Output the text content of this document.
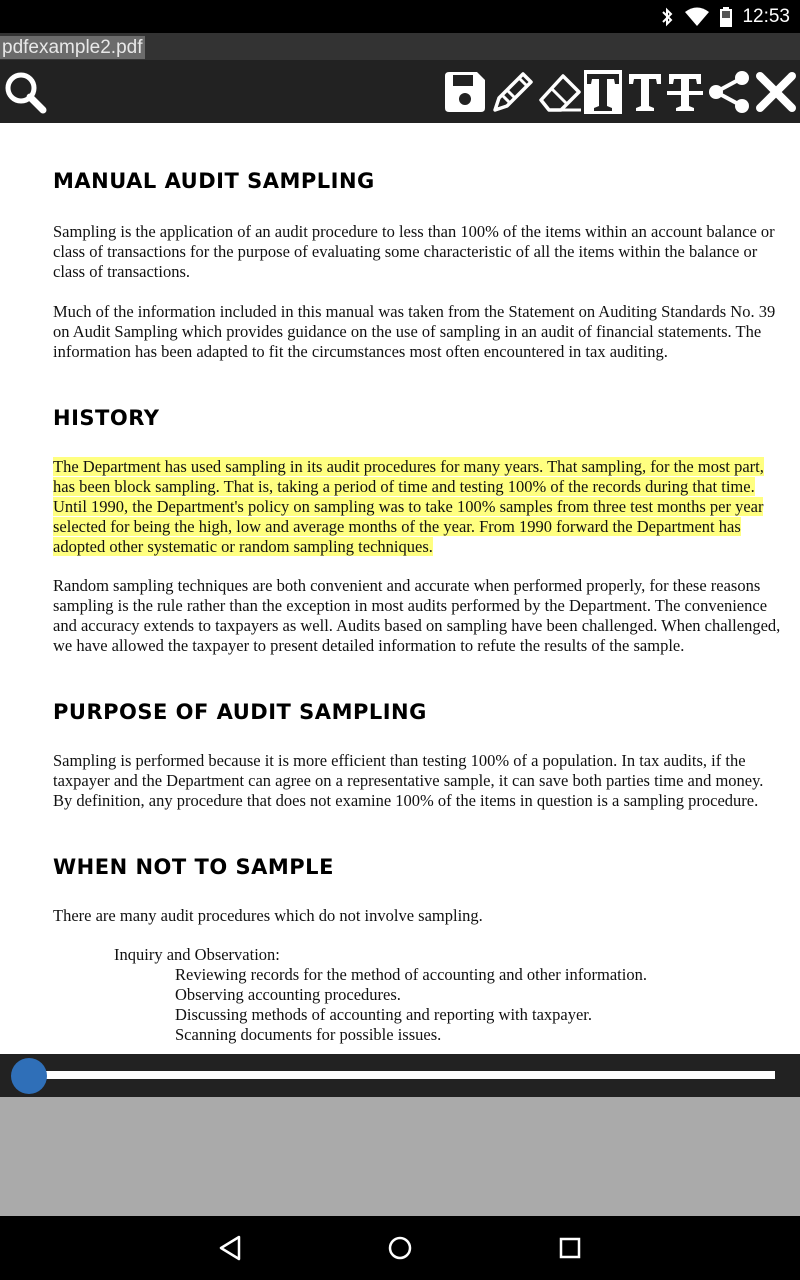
12:53
pdfexample2.pdf
MANUAL AUDIT SAMPLING
Sampling is the application of an audit procedure to less than 100% of the items within an account balance or
class of transactions for the purpose of evaluating some characteristic of all the items within the balance or
class of transactions.
Much of the information included in this manual was taken from the Statement on Auditing Standards No. 39
on Audit Sampling which provides guidance on the use of sampling in an audit of financial statements. The
information has been adapted to fit the circumstances most often encountered in tax auditing.
HISTORY
The Department has used sampling in its audit procedures for many years. That sampling, for the most part,
has been block sampling. That is, taking a period of time and testing 100% of the records during that time.
Until 1990, the Department's policy on sampling was to take 100% samples from three test months per year
selected for being the high, low and average months of the year. From 1990 forward the Department has
adopted other systematic or random sampling techniques.
Random sampling techniques are both convenient and accurate when performed properly, for these reasons
sampling is the rule rather than the exception in most audits performed by the Department. The convenience
and accuracy extends to taxpayers as well. Audits based on sampling have been challenged. When challenged,
we have allowed the taxpayer to present detailed information to refute the results of the sample.
PURPOSE OF AUDIT SAMPLING
Sampling is performed because it is more efficient than testing 100% of a population. In tax audits, if the
taxpayer and the Department can agree on a representative sample, it can save both parties time and money.
By definition, any procedure that does not examine 100% of the items in question is a sampling procedure.
WHEN NOT TO SAMPLE
There are many audit procedures which do not involve sampling.
Inquiry and Observation:
Reviewing records for the method of accounting and other information.
Observing accounting procedures.
Discussing methods of accounting and reporting with taxpayer.
Scanning documents for possible issues.
